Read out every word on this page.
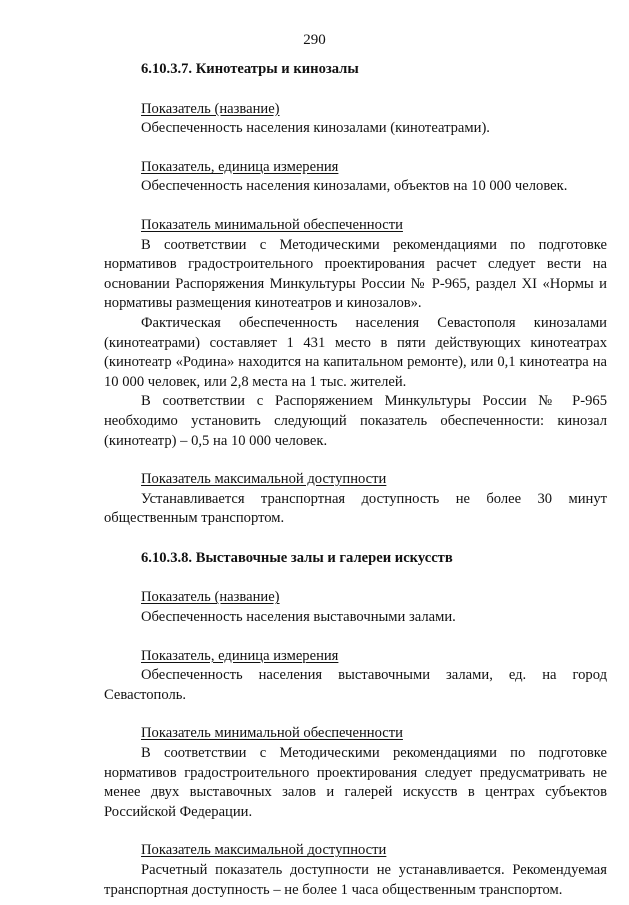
290

6.10.3.7. Кинотеатры и кинозалы

Показатель (название)

Обеспеченность населения кинозалами (кинотеатрами).

Показатель, единица измерения

Обеспеченность населения кинозалами, объектов на 10 000 человек.

Показатель минимальной обеспеченности

В соответствии с Методическими рекомендациями по подготовке нормативов градостроительного проектирования расчет следует вести на основании Распоряжения Минкультуры России № Р-965, раздел XI «Нормы и нормативы размещения кинотеатров и кинозалов».

Фактическая обеспеченность населения Севастополя кинозалами (кинотеатрами) составляет 1 431 место в пяти действующих кинотеатрах (кинотеатр «Родина» находится на капитальном ремонте), или 0,1 кинотеатра на 10 000 человек, или 2,8 места на 1 тыс. жителей.

В соответствии с Распоряжением Минкультуры России № Р-965 необходимо установить следующий показатель обеспеченности: кинозал (кинотеатр) – 0,5 на 10 000 человек.

Показатель максимальной доступности

Устанавливается транспортная доступность не более 30 минут общественным транспортом.

6.10.3.8. Выставочные залы и галереи искусств

Показатель (название)

Обеспеченность населения выставочными залами.

Показатель, единица измерения

Обеспеченность населения выставочными залами, ед. на город Севастополь.

Показатель минимальной обеспеченности

В соответствии с Методическими рекомендациями по подготовке нормативов градостроительного проектирования следует предусматривать не менее двух выставочных залов и галерей искусств в центрах субъектов Российской Федерации.

Показатель максимальной доступности

Расчетный показатель доступности не устанавливается. Рекомендуемая транспортная доступность – не более 1 часа общественным транспортом.
